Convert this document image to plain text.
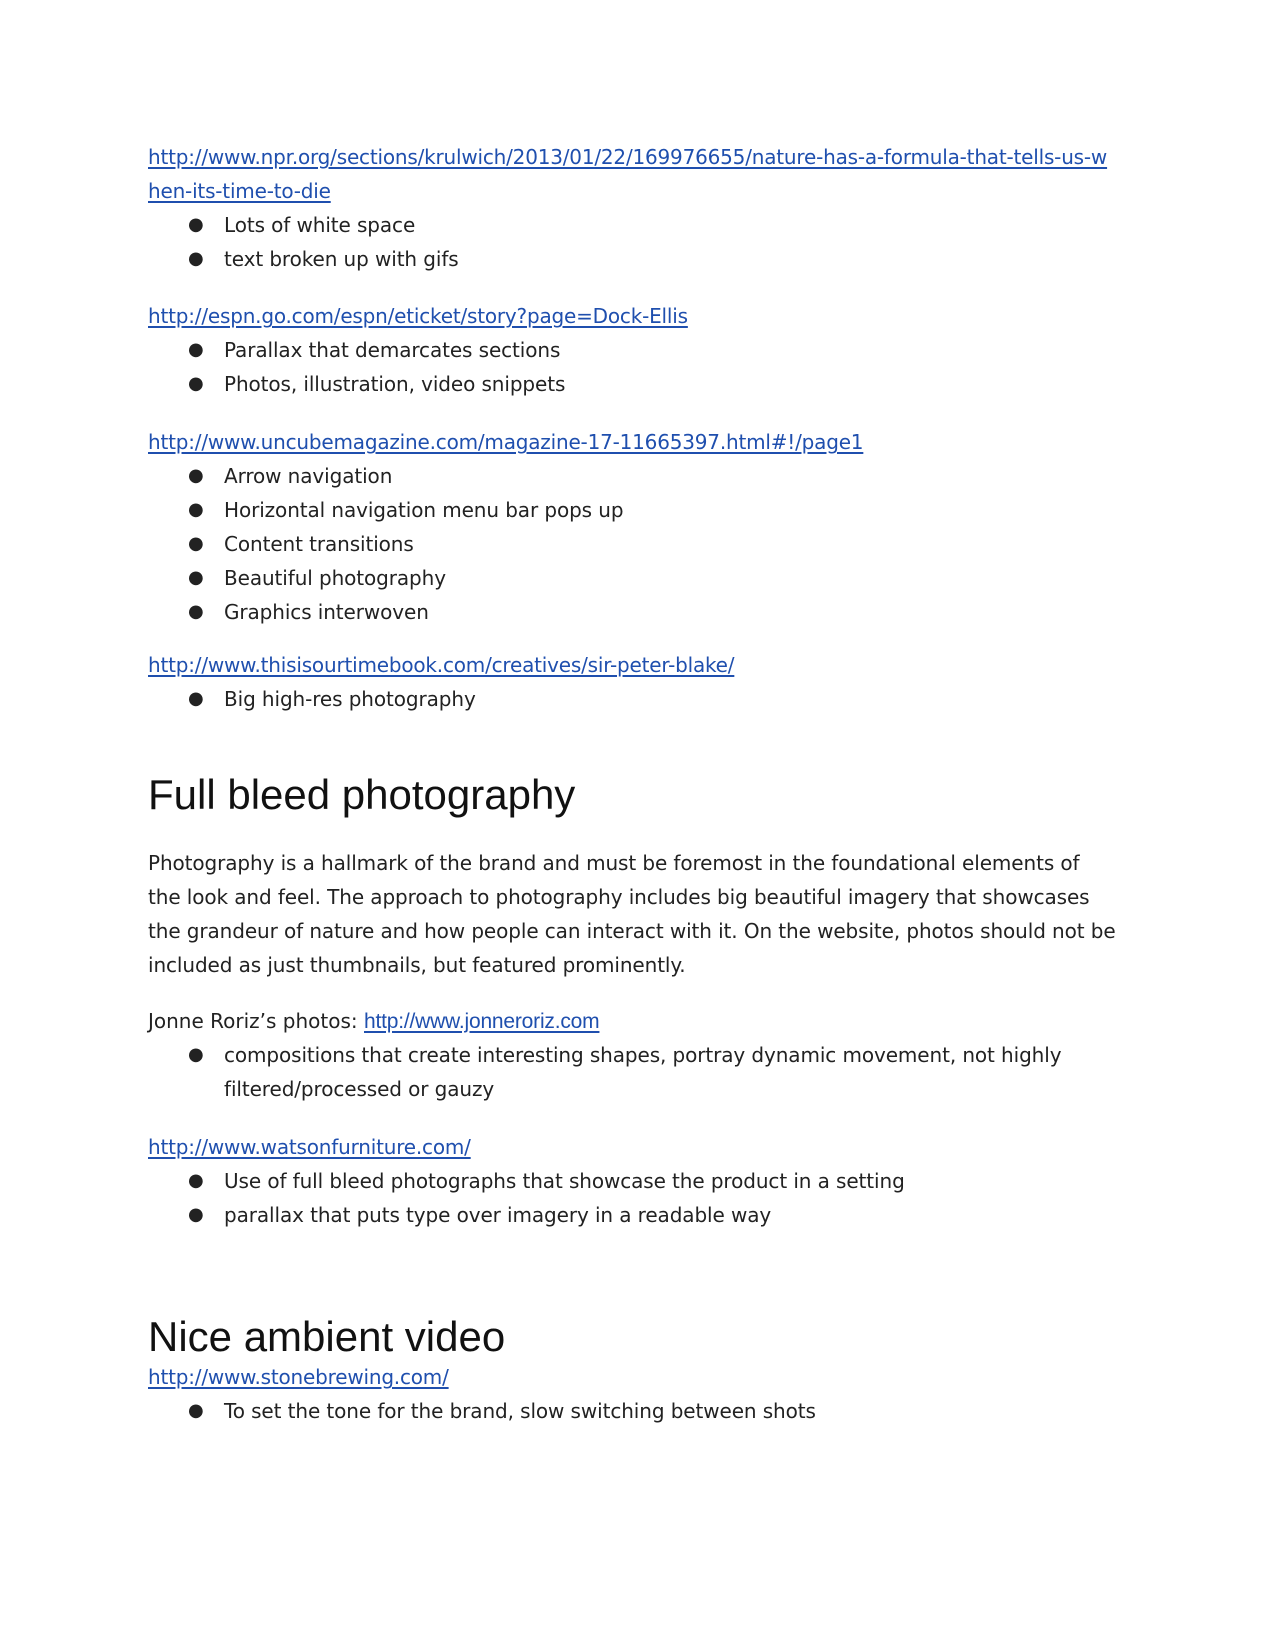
http://www.npr.org/sections/krulwich/2013/01/22/169976655/nature-has-a-formula-that-tells-us-when-its-time-to-die
● Lots of white space
● text broken up with gifs
http://espn.go.com/espn/eticket/story?page=Dock-Ellis
● Parallax that demarcates sections
● Photos, illustration, video snippets
http://www.uncubemagazine.com/magazine-17-11665397.html#!/page1
● Arrow navigation
● Horizontal navigation menu bar pops up
● Content transitions
● Beautiful photography
● Graphics interwoven
http://www.thisisourtimebook.com/creatives/sir-peter-blake/
● Big high-res photography
Full bleed photography

Photography is a hallmark of the brand and must be foremost in the foundational elements of the look and feel. The approach to photography includes big beautiful imagery that showcases the grandeur of nature and how people can interact with it. On the website, photos should not be included as just thumbnails, but featured prominently.

Jonne Roriz’s photos: http://www.jonneroriz.com
● compositions that create interesting shapes, portray dynamic movement, not highly filtered/processed or gauzy
http://www.watsonfurniture.com/
● Use of full bleed photographs that showcase the product in a setting
● parallax that puts type over imagery in a readable way
Nice ambient video
http://www.stonebrewing.com/
● To set the tone for the brand, slow switching between shots
